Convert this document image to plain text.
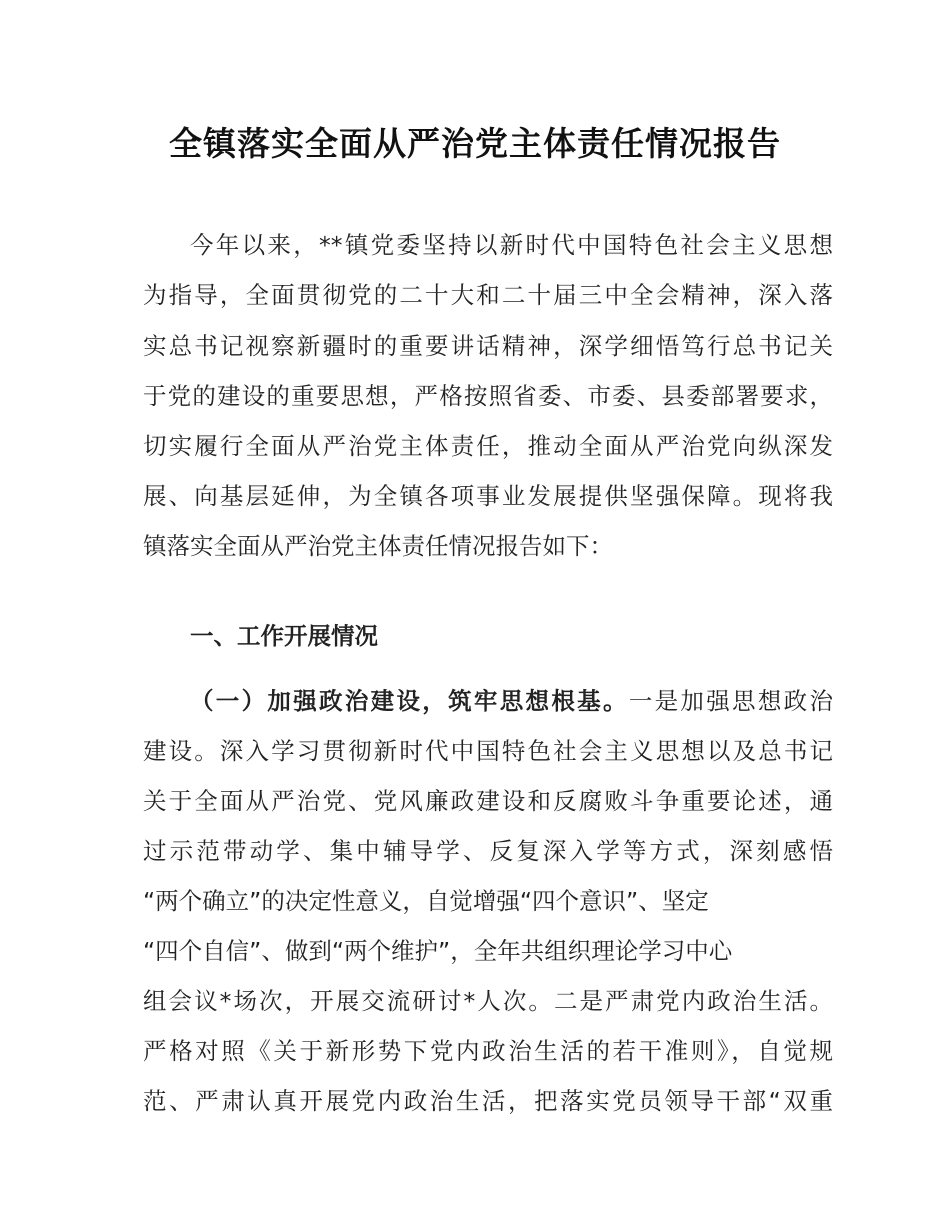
全镇落实全面从严治党主体责任情况报告
今年以来，**镇党委坚持以新时代中国特色社会主义思想
为指导，全面贯彻党的二十大和二十届三中全会精神，深入落
实总书记视察新疆时的重要讲话精神，深学细悟笃行总书记关
于党的建设的重要思想，严格按照省委、市委、县委部署要求，
切实履行全面从严治党主体责任，推动全面从严治党向纵深发
展、向基层延伸，为全镇各项事业发展提供坚强保障。现将我
镇落实全面从严治党主体责任情况报告如下：
一、工作开展情况
（一）加强政治建设，筑牢思想根基。一是加强思想政治
建设。深入学习贯彻新时代中国特色社会主义思想以及总书记
关于全面从严治党、党风廉政建设和反腐败斗争重要论述，通
过示范带动学、集中辅导学、反复深入学等方式，深刻感悟
“两个确立”的决定性意义，自觉增强“四个意识”、坚定
“四个自信”、做到“两个维护”，全年共组织理论学习中心
组会议*场次，开展交流研讨*人次。二是严肃党内政治生活。
严格对照《关于新形势下党内政治生活的若干准则》，自觉规
范、严肃认真开展党内政治生活，把落实党员领导干部“双重
